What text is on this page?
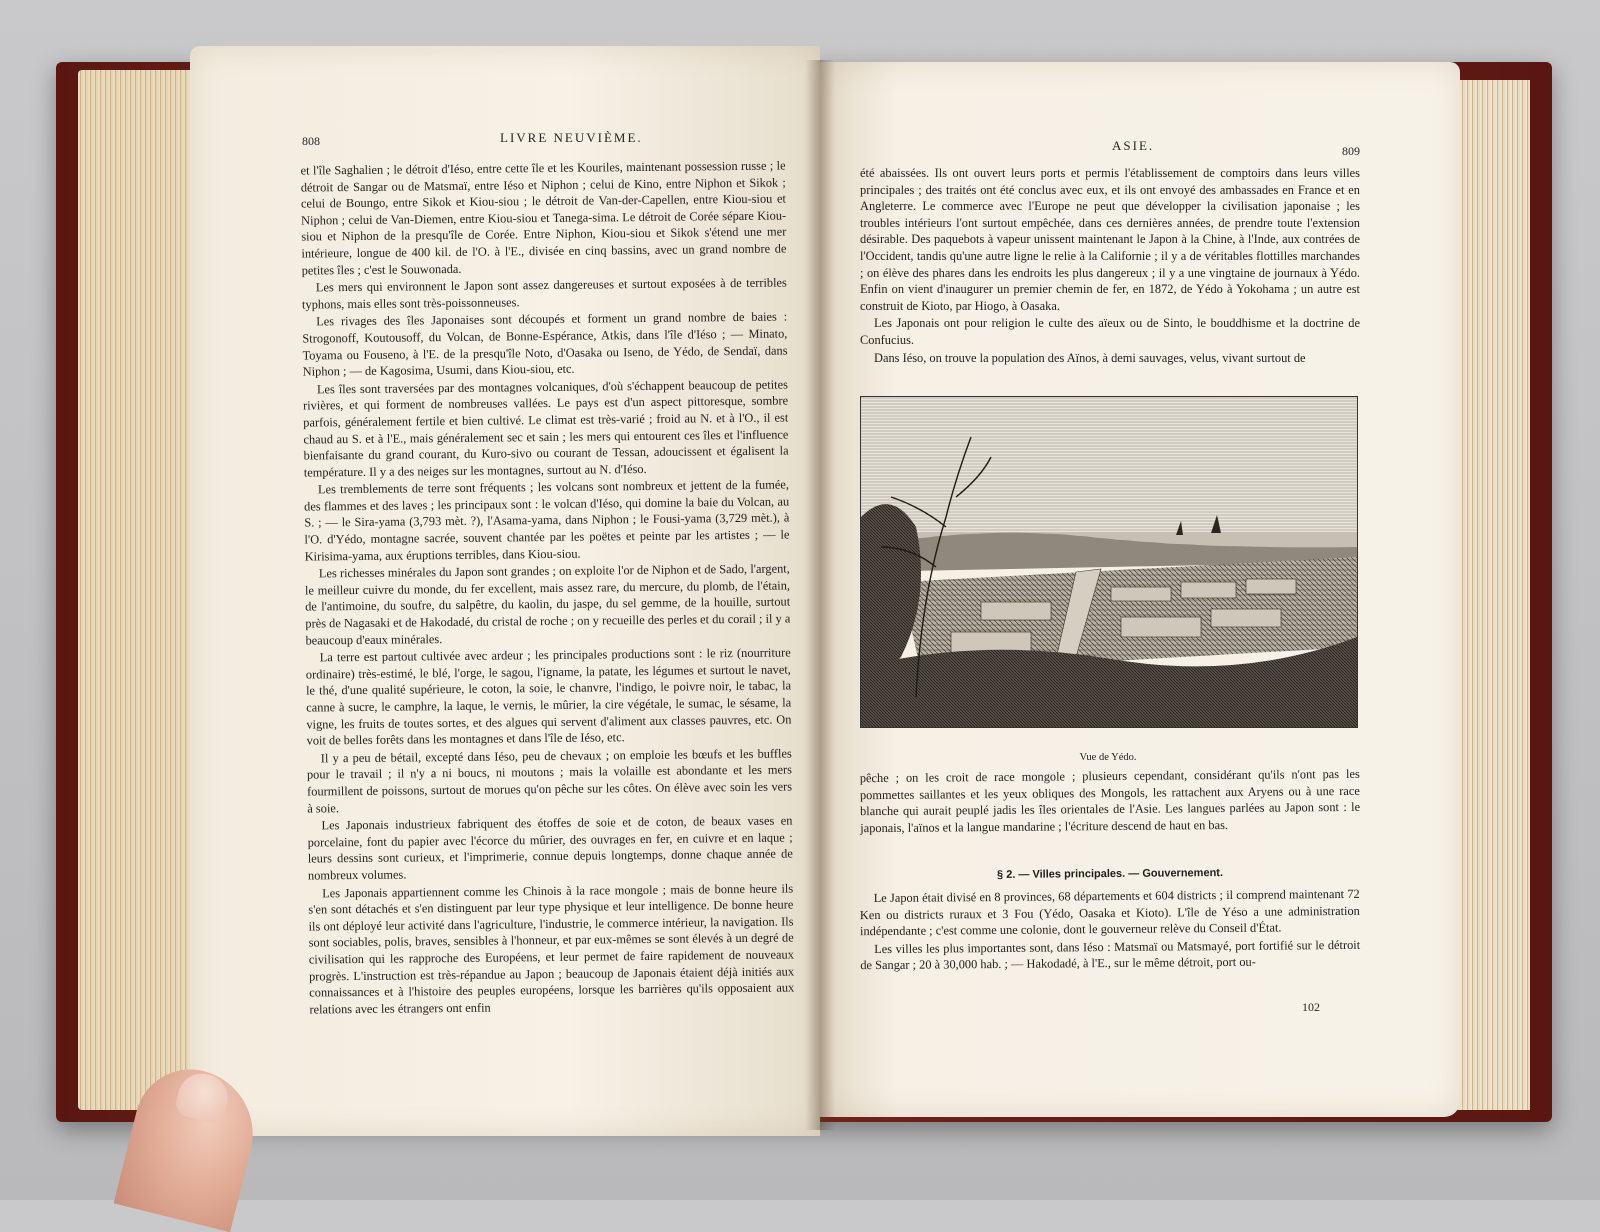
808	LIVRE NEUVIÈME.

et l'île Saghalien ; le détroit d'Iéso, entre cette île et les Kouriles, maintenant possession russe ; le détroit de Sangar ou de Matsmaï, entre Iéso et Niphon ; celui de Kino, entre Niphon et Sikok ; celui de Boungo, entre Sikok et Kiou-siou ; le détroit de Van-der-Capellen, entre Kiou-siou et Niphon ; celui de Van-Diemen, entre Kiou-siou et Tanega-sima. Le détroit de Corée sépare Kiou-siou et Niphon de la presqu'île de Corée. Entre Niphon, Kiou-siou et Sikok s'étend une mer intérieure, longue de 400 kil. de l'O. à l'E., divisée en cinq bassins, avec un grand nombre de petites îles ; c'est le Souwonada.

Les mers qui environnent le Japon sont assez dangereuses et surtout exposées à de terribles typhons, mais elles sont très-poissonneuses.

Les rivages des îles Japonaises sont découpés et forment un grand nombre de baies : Strogonoff, Koutousoff, du Volcan, de Bonne-Espérance, Atkis, dans l'île d'Iéso ; — Minato, Toyama ou Fouseno, à l'E. de la presqu'île Noto, d'Oasaka ou Iseno, de Yédo, de Sendaï, dans Niphon ; — de Kagosima, Usumi, dans Kiou-siou, etc.

Les îles sont traversées par des montagnes volcaniques, d'où s'échappent beaucoup de petites rivières, et qui forment de nombreuses vallées. Le pays est d'un aspect pittoresque, sombre parfois, généralement fertile et bien cultivé. Le climat est très-varié ; froid au N. et à l'O., il est chaud au S. et à l'E., mais généralement sec et sain ; les mers qui entourent ces îles et l'influence bienfaisante du grand courant, du Kuro-sivo ou courant de Tessan, adoucissent et égalisent la température. Il y a des neiges sur les montagnes, surtout au N. d'Iéso.

Les tremblements de terre sont fréquents ; les volcans sont nombreux et jettent de la fumée, des flammes et des laves ; les principaux sont : le volcan d'Iéso, qui domine la baie du Volcan, au S. ; — le Sira-yama (3,793 mèt. ?), l'Asama-yama, dans Niphon ; le Fousi-yama (3,729 mèt.), à l'O. d'Yédo, montagne sacrée, souvent chantée par les poëtes et peinte par les artistes ; — le Kirisima-yama, aux éruptions terribles, dans Kiou-siou.

Les richesses minérales du Japon sont grandes ; on exploite l'or de Niphon et de Sado, l'argent, le meilleur cuivre du monde, du fer excellent, mais assez rare, du mercure, du plomb, de l'étain, de l'antimoine, du soufre, du salpêtre, du kaolin, du jaspe, du sel gemme, de la houille, surtout près de Nagasaki et de Hakodadé, du cristal de roche ; on y recueille des perles et du corail ; il y a beaucoup d'eaux minérales.

La terre est partout cultivée avec ardeur ; les principales productions sont : le riz (nourriture ordinaire) très-estimé, le blé, l'orge, le sagou, l'igname, la patate, les légumes et surtout le navet, le thé, d'une qualité supérieure, le coton, la soie, le chanvre, l'indigo, le poivre noir, le tabac, la canne à sucre, le camphre, la laque, le vernis, le mûrier, la cire végétale, le sumac, le sésame, la vigne, les fruits de toutes sortes, et des algues qui servent d'aliment aux classes pauvres, etc. On voit de belles forêts dans les montagnes et dans l'île de Iéso, etc.

Il y a peu de bétail, excepté dans Iéso, peu de chevaux ; on emploie les bœufs et les buffles pour le travail ; il n'y a ni boucs, ni moutons ; mais la volaille est abondante et les mers fourmillent de poissons, surtout de morues qu'on pêche sur les côtes. On élève avec soin les vers à soie.

Les Japonais industrieux fabriquent des étoffes de soie et de coton, de beaux vases en porcelaine, font du papier avec l'écorce du mûrier, des ouvrages en fer, en cuivre et en laque ; leurs dessins sont curieux, et l'imprimerie, connue depuis longtemps, donne chaque année de nombreux volumes.

Les Japonais appartiennent comme les Chinois à la race mongole ; mais de bonne heure ils s'en sont détachés et s'en distinguent par leur type physique et leur intelligence. De bonne heure ils ont déployé leur activité dans l'agriculture, l'industrie, le commerce intérieur, la navigation. Ils sont sociables, polis, braves, sensibles à l'honneur, et par eux-mêmes se sont élevés à un degré de civilisation qui les rapproche des Européens, et leur permet de faire rapidement de nouveaux progrès. L'instruction est très-répandue au Japon ; beaucoup de Japonais étaient déjà initiés aux connaissances et à l'histoire des peuples européens, lorsque les barrières qu'ils opposaient aux relations avec les étrangers ont enfin

ASIE.	809

été abaissées. Ils ont ouvert leurs ports et permis l'établissement de comptoirs dans leurs villes principales ; des traités ont été conclus avec eux, et ils ont envoyé des ambassades en France et en Angleterre. Le commerce avec l'Europe ne peut que développer la civilisation japonaise ; les troubles intérieurs l'ont surtout empêchée, dans ces dernières années, de prendre toute l'extension désirable. Des paquebots à vapeur unissent maintenant le Japon à la Chine, à l'Inde, aux contrées de l'Occident, tandis qu'une autre ligne le relie à la Californie ; il y a de véritables flottilles marchandes ; on élève des phares dans les endroits les plus dangereux ; il y a une vingtaine de journaux à Yédo. Enfin on vient d'inaugurer un premier chemin de fer, en 1872, de Yédo à Yokohama ; un autre est construit de Kioto, par Hiogo, à Oasaka.

Les Japonais ont pour religion le culte des aïeux ou de Sinto, le bouddhisme et la doctrine de Confucius.

Dans Iéso, on trouve la population des Aïnos, à demi sauvages, velus, vivant surtout de

Vue de Yédo.

pêche ; on les croit de race mongole ; plusieurs cependant, considérant qu'ils n'ont pas les pommettes saillantes et les yeux obliques des Mongols, les rattachent aux Aryens ou à une race blanche qui aurait peuplé jadis les îles orientales de l'Asie. Les langues parlées au Japon sont : le japonais, l'aïnos et la langue mandarine ; l'écriture descend de haut en bas.

§ 2. — Villes principales. — Gouvernement.

Le Japon était divisé en 8 provinces, 68 départements et 604 districts ; il comprend maintenant 72 Ken ou districts ruraux et 3 Fou (Yédo, Oasaka et Kioto). L'île de Yéso a une administration indépendante ; c'est comme une colonie, dont le gouverneur relève du Conseil d'État.

Les villes les plus importantes sont, dans Iéso : Matsmaï ou Matsmayé, port fortifié sur le détroit de Sangar ; 20 à 30,000 hab. ; — Hakodadé, à l'E., sur le même détroit, port ou-

102
